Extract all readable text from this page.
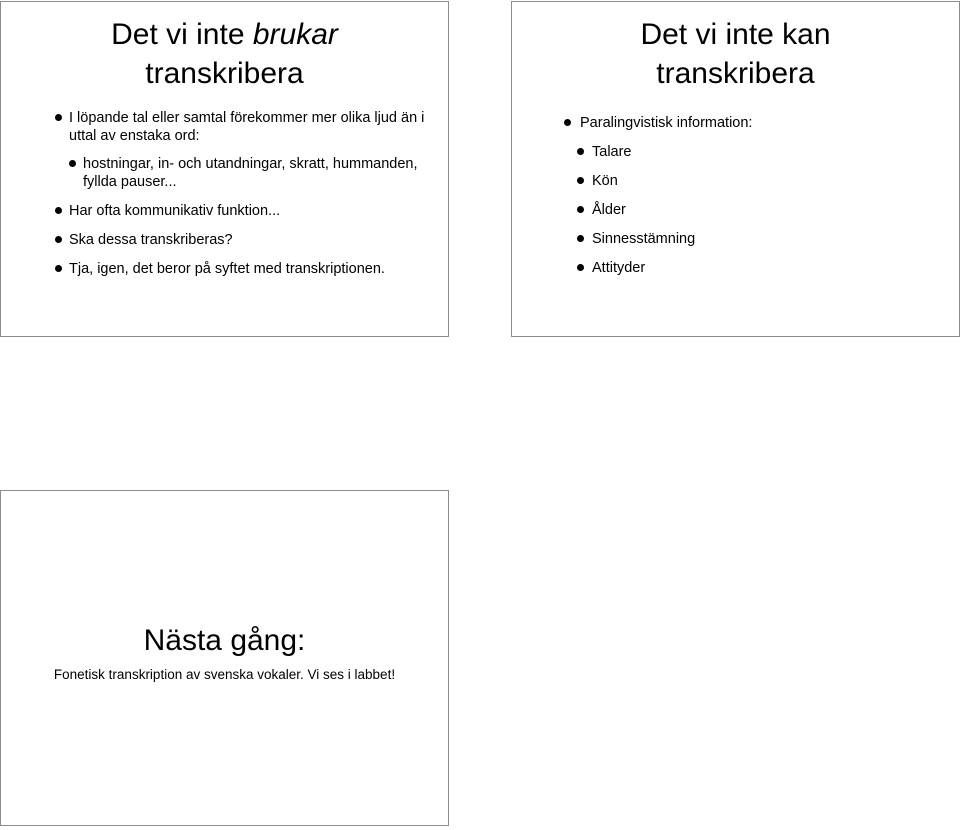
Det vi inte brukar
transkribera
I löpande tal eller samtal förekommer mer olika ljud än i uttal av enstaka ord:
hostningar, in- och utandningar, skratt, hummanden, fyllda pauser...
Har ofta kommunikativ funktion...
Ska dessa transkriberas?
Tja, igen, det beror på syftet med transkriptionen.
Det vi inte kan transkribera
Paralingvistisk information:
Talare
Kön
Ålder
Sinnesstämning
Attityder
Nästa gång:
Fonetisk transkription av svenska vokaler. Vi ses i labbet!
